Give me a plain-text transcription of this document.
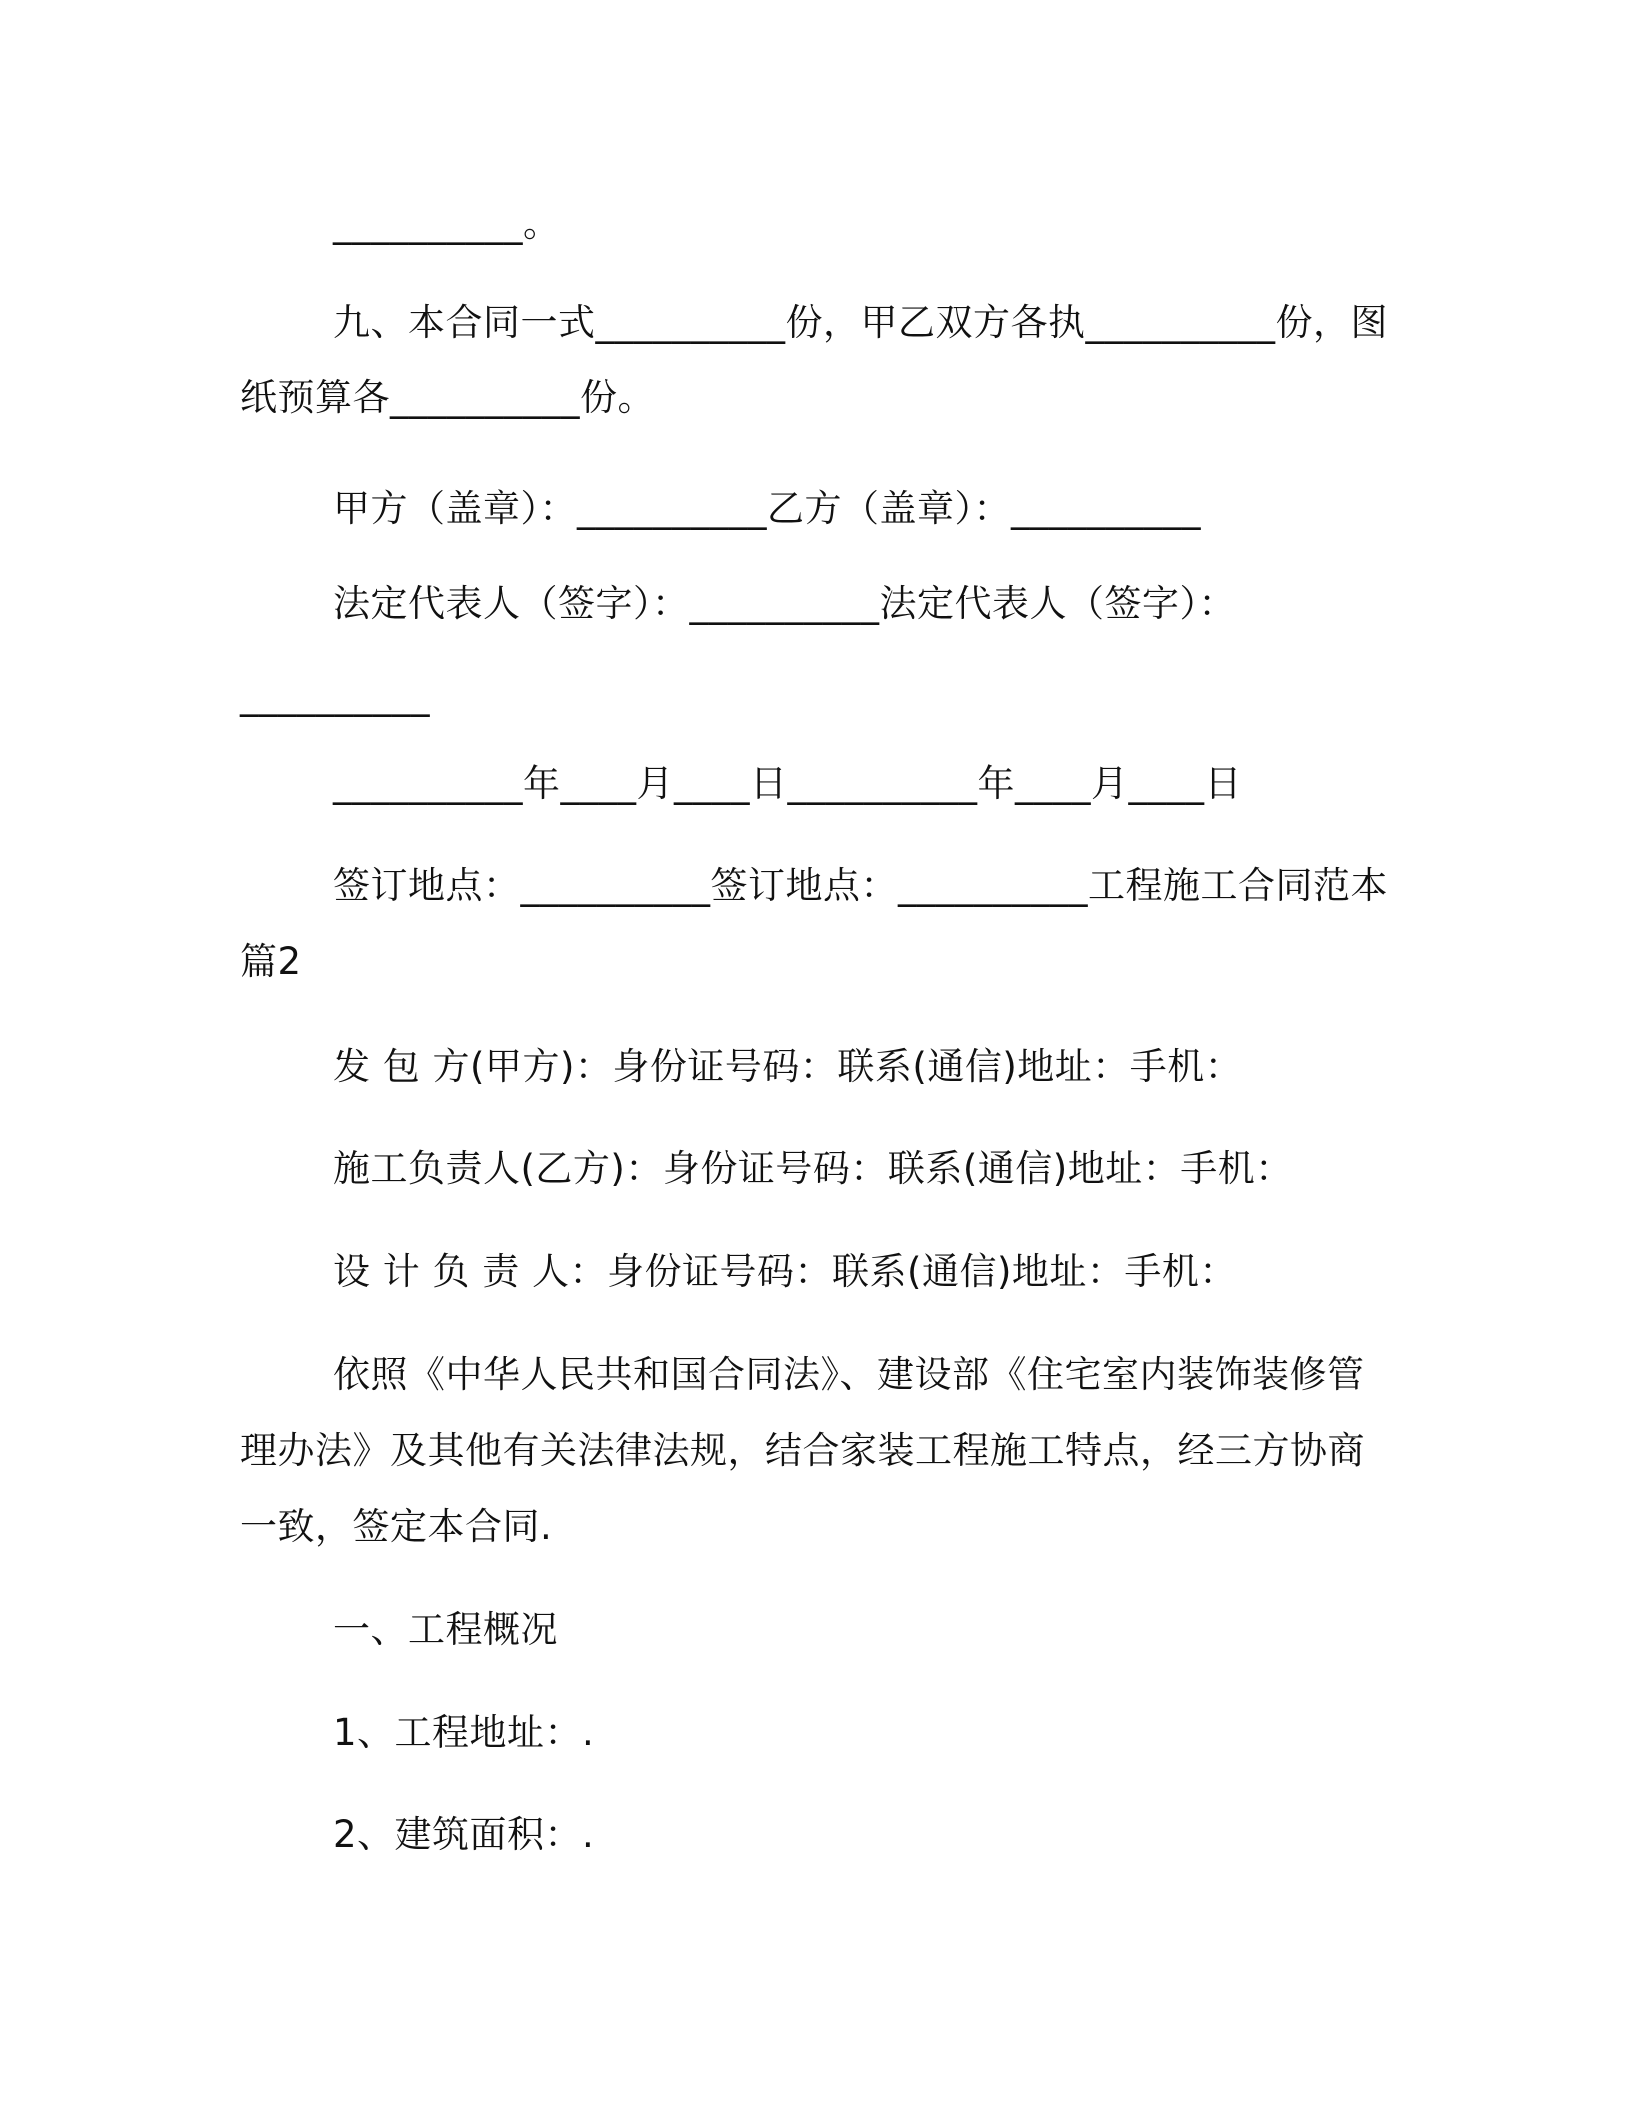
__________。
九、本合同一式__________份，甲乙双方各执__________份，图
纸预算各__________份。
甲方（盖章）：__________乙方（盖章）：__________
法定代表人（签字）：__________法定代表人（签字）：
__________
__________年____月____日__________年____月____日
签订地点：__________签订地点：__________工程施工合同范本
篇2
发 包 方(甲方)：身份证号码：联系(通信)地址：手机：
施工负责人(乙方)：身份证号码：联系(通信)地址：手机：
设 计 负 责 人：身份证号码：联系(通信)地址：手机：
依照《中华人民共和国合同法》、建设部《住宅室内装饰装修管
理办法》及其他有关法律法规，结合家装工程施工特点，经三方协商
一致，签定本合同.
一、工程概况
1、工程地址：.
2、建筑面积：.
